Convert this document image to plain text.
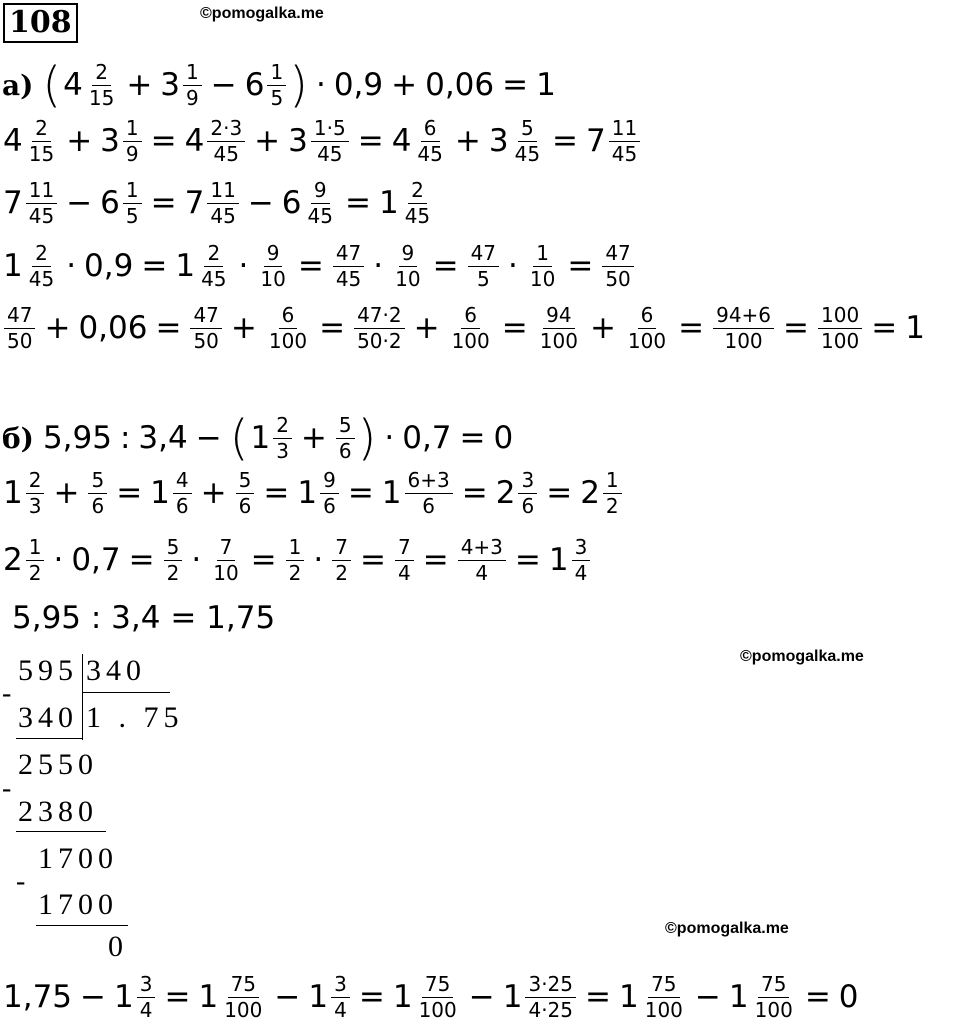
108	©pomogalka.me
а) ( $4 \frac{2}{15} + 3 \frac{1}{9} - 6 \frac{1}{5}$ ) · 0,9 + 0,06 = 1
$4 \frac{2}{15} + 3 \frac{1}{9} = 4 \frac{2\cdot 3}{45} + 3 \frac{1\cdot 5}{45} = 4 \frac{6}{45} + 3 \frac{5}{45} = 7 \frac{11}{45}$
$7 \frac{11}{45} - 6 \frac{1}{5} = 7 \frac{11}{45} - 6 \frac{9}{45} = 1 \frac{2}{45}$
$1 \frac{2}{45} \cdot 0,9 = 1 \frac{2}{45} \cdot \frac{9}{10} = \frac{47}{45} \cdot \frac{9}{10} = \frac{47}{5} \cdot \frac{1}{10} = \frac{47}{50}$
$\frac{47}{50} + 0,06 = \frac{47}{50} + \frac{6}{100} = \frac{47\cdot 2}{50\cdot 2} + \frac{6}{100} = \frac{94}{100} + \frac{6}{100} = \frac{94+6}{100} = \frac{100}{100} = 1$
б) 5,95 : 3,4 − ( $1 \frac{2}{3} + \frac{5}{6}$ ) · 0,7 = 0
$1 \frac{2}{3} + \frac{5}{6} = 1 \frac{4}{6} + \frac{5}{6} = 1 \frac{9}{6} = 1 \frac{6+3}{6} = 2 \frac{3}{6} = 2 \frac{1}{2}$
$2 \frac{1}{2} \cdot 0,7 = \frac{5}{2} \cdot \frac{7}{10} = \frac{1}{2} \cdot \frac{7}{2} = \frac{7}{4} = \frac{4+3}{4} = 1 \frac{3}{4}$
5,95 : 3,4 = 1,75
©pomogalka.me
595 340
-
340 1 . 75
2550
-
2380
1700
-
1700
0
©pomogalka.me
$1,75 - 1 \frac{3}{4} = 1 \frac{75}{100} - 1 \frac{3}{4} = 1 \frac{75}{100} - 1 \frac{3\cdot 25}{4\cdot 25} = 1 \frac{75}{100} - 1 \frac{75}{100} = 0$
